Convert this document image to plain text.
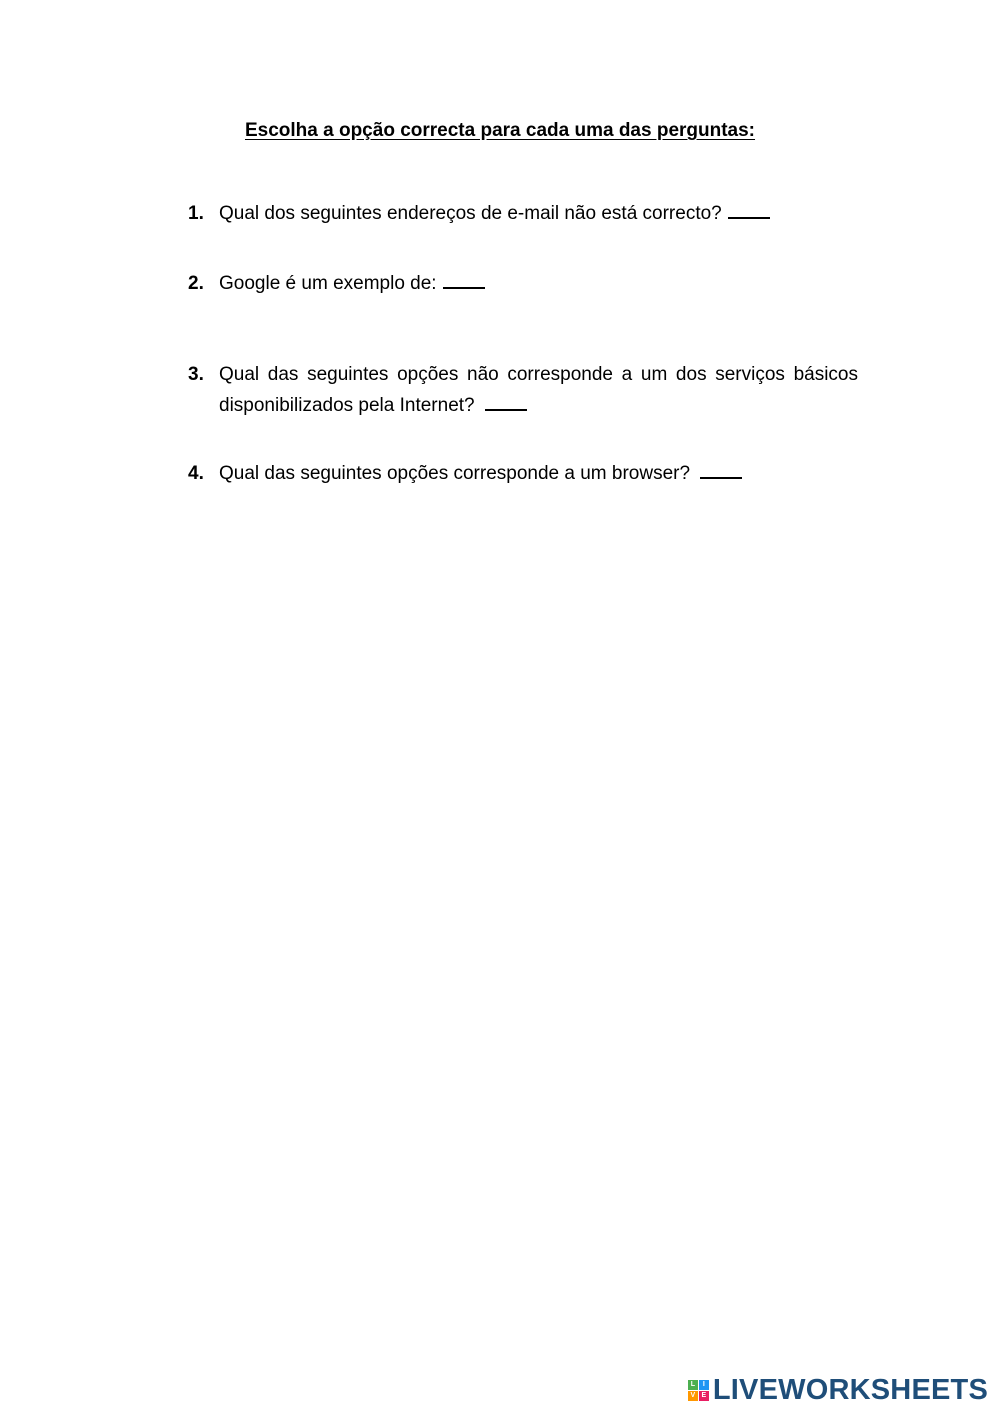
Escolha a opção correcta para cada uma das perguntas:
1. Qual dos seguintes endereços de e-mail não está correcto?
2. Google é um exemplo de:
3. Qual das seguintes opções não corresponde a um dos serviços básicos disponibilizados pela Internet?
4. Qual das seguintes opções corresponde a um browser?
L	I
V E LIVEWORKSHEETS
